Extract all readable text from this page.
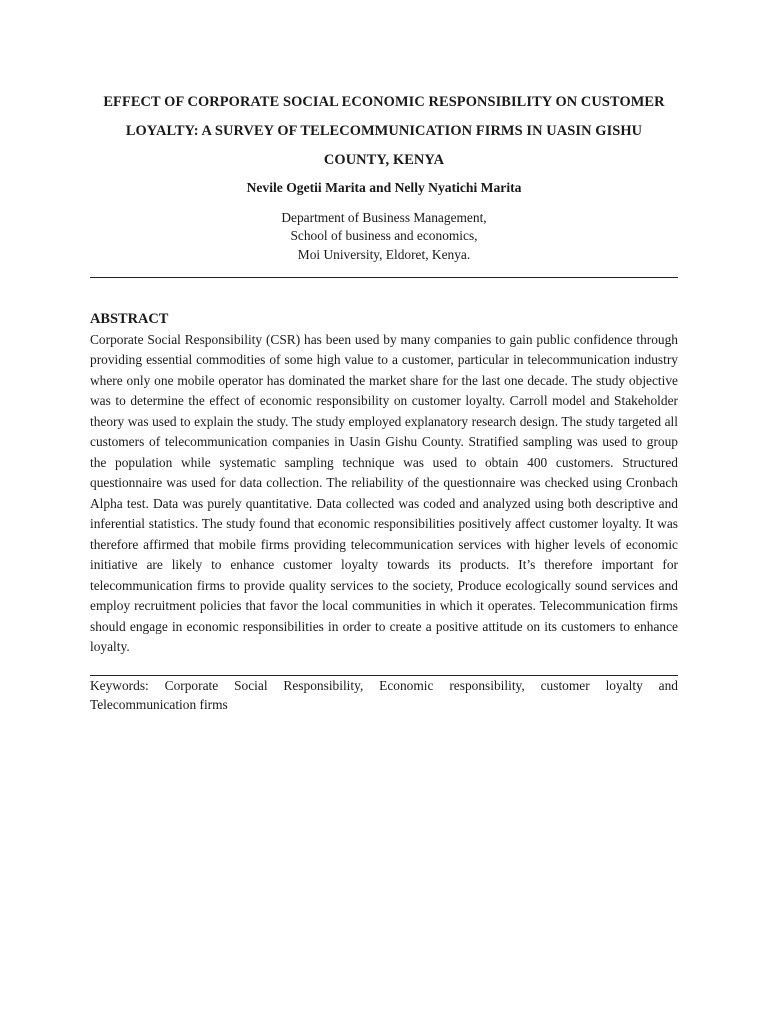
EFFECT OF CORPORATE SOCIAL ECONOMIC RESPONSIBILITY ON CUSTOMER
LOYALTY: A SURVEY OF TELECOMMUNICATION FIRMS IN UASIN GISHU
COUNTY, KENYA

Nevile Ogetii Marita and Nelly Nyatichi Marita

Department of Business Management,
School of business and economics,
Moi University, Eldoret, Kenya.
ABSTRACT

Corporate Social Responsibility (CSR) has been used by many companies to gain public confidence through providing essential commodities of some high value to a customer, particular in telecommunication industry where only one mobile operator has dominated the market share for the last one decade. The study objective was to determine the effect of economic responsibility on customer loyalty. Carroll model and Stakeholder theory was used to explain the study. The study employed explanatory research design. The study targeted all customers of telecommunication companies in Uasin Gishu County. Stratified sampling was used to group the population while systematic sampling technique was used to obtain 400 customers. Structured questionnaire was used for data collection. The reliability of the questionnaire was checked using Cronbach Alpha test. Data was purely quantitative. Data collected was coded and analyzed using both descriptive and inferential statistics. The study found that economic responsibilities positively affect customer loyalty. It was therefore affirmed that mobile firms providing telecommunication services with higher levels of economic initiative are likely to enhance customer loyalty towards its products. It’s therefore important for telecommunication firms to provide quality services to the society, Produce ecologically sound services and employ recruitment policies that favor the local communities in which it operates. Telecommunication firms should engage in economic responsibilities in order to create a positive attitude on its customers to enhance loyalty.

Keywords: Corporate Social Responsibility, Economic responsibility, customer loyalty and Telecommunication firms
